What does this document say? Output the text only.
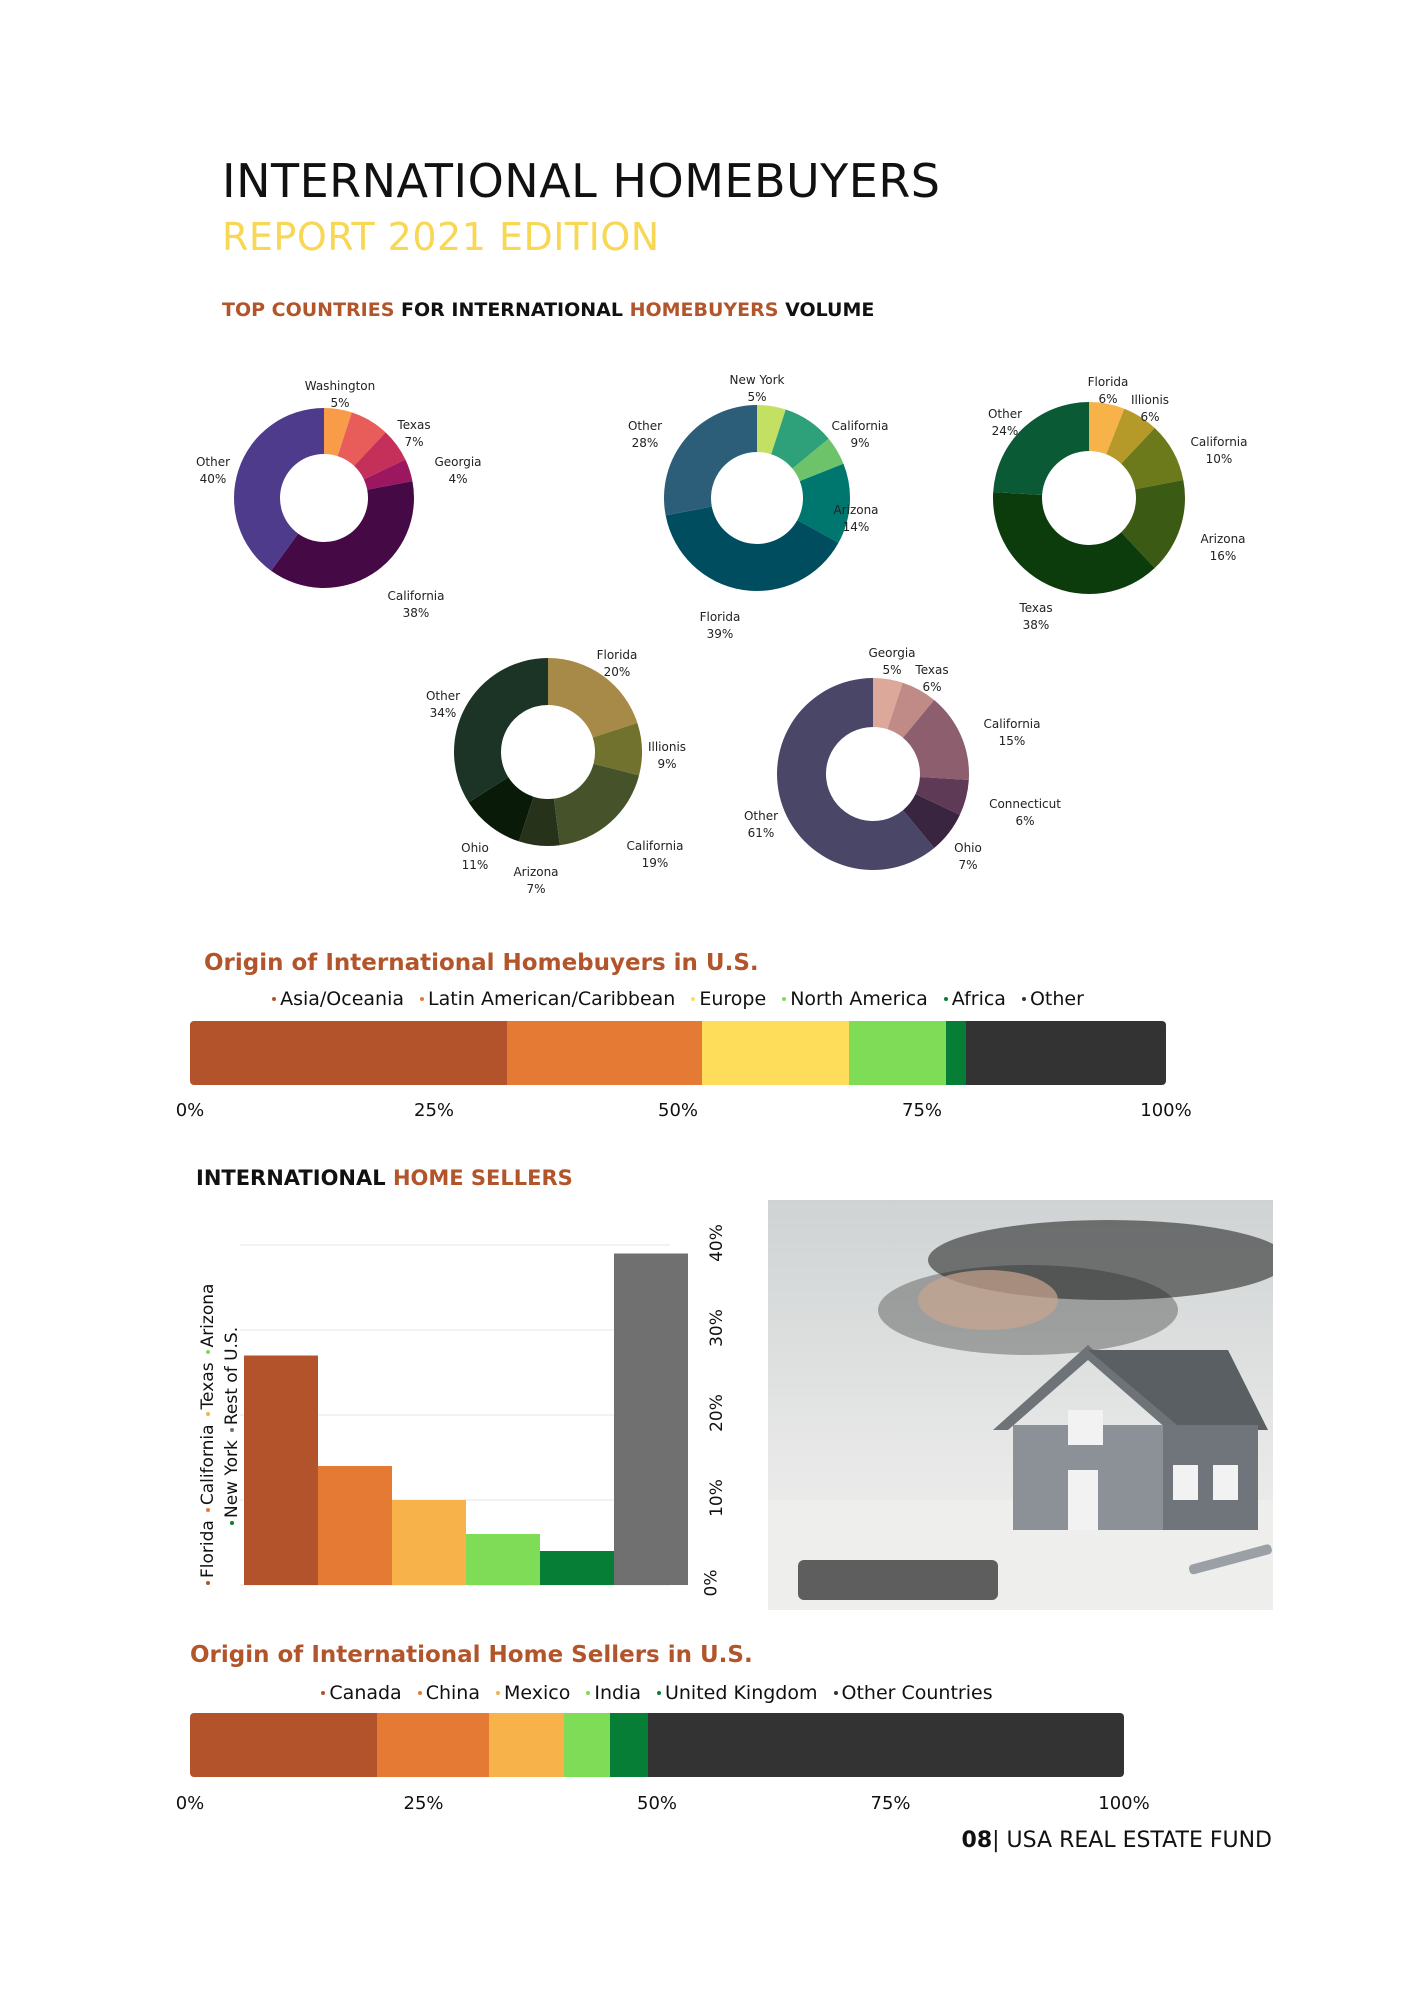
INTERNATIONAL HOMEBUYERS
REPORT 2021 EDITION
TOP COUNTRIES FOR INTERNATIONAL HOMEBUYERS VOLUME
Washington
5%
Texas
7%
Georgia
4%
California
38%
Other
40%
New York
5%
California
9%
Arizona
14%
Florida
39%
Other
28%
Florida
6%	Illionis
6%
California
10%
Arizona
16%
Texas
38%
Other
24%
Florida
20%
Illionis
9%
California
19%
Arizona
7%
Ohio
11%
Other
34%
Georgia
5%	Texas
6%
California
15%
Connecticut
6%
Ohio
7%
Other
61%
Origin of International Homebuyers in U.S.
Asia/Oceania Latin American/Caribbean Europe North America Africa Other
0%	25%	50%	75%	100%
INTERNATIONAL HOME SELLERS
0%
10%
20%
30%
40%
FloridaCaliforniaTexasArizona
New YorkRest of U.S.
Origin of International Home Sellers in U.S.
Canada China Mexico India United Kingdom Other Countries
0%	25%	50%	75%	100%
08| USA REAL ESTATE FUND
